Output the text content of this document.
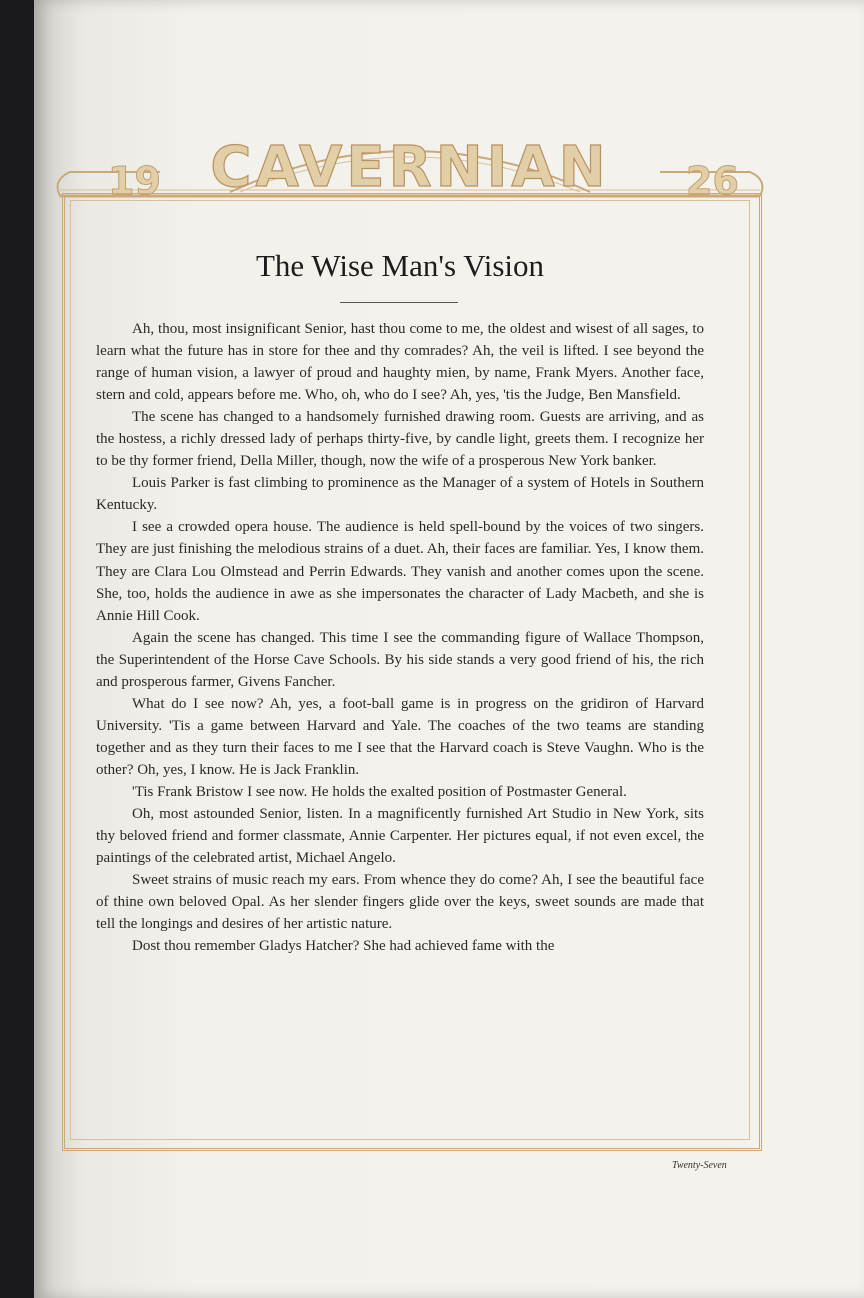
19 CAVERNIAN 26
The Wise Man's Vision

Ah, thou, most insignificant Senior, hast thou come to me, the oldest and wisest of all sages, to learn what the future has in store for thee and thy comrades? Ah, the veil is lifted. I see beyond the range of human vision, a lawyer of proud and haughty mien, by name, Frank Myers. Another face, stern and cold, appears before me. Who, oh, who do I see? Ah, yes, 'tis the Judge, Ben Mansfield.

The scene has changed to a handsomely furnished drawing room. Guests are arriving, and as the hostess, a richly dressed lady of perhaps thirty-five, by candle light, greets them. I recognize her to be thy former friend, Della Miller, though, now the wife of a prosperous New York banker.

Louis Parker is fast climbing to prominence as the Manager of a system of Hotels in Southern Kentucky.

I see a crowded opera house. The audience is held spell-bound by the voices of two singers. They are just finishing the melodious strains of a duet. Ah, their faces are familiar. Yes, I know them. They are Clara Lou Olmstead and Perrin Edwards. They vanish and another comes upon the scene. She, too, holds the audience in awe as she impersonates the character of Lady Macbeth, and she is Annie Hill Cook.

Again the scene has changed. This time I see the commanding figure of Wallace Thompson, the Superintendent of the Horse Cave Schools. By his side stands a very good friend of his, the rich and prosperous farmer, Givens Fancher.

What do I see now? Ah, yes, a foot-ball game is in progress on the gridiron of Harvard University. 'Tis a game between Harvard and Yale. The coaches of the two teams are standing together and as they turn their faces to me I see that the Harvard coach is Steve Vaughn. Who is the other? Oh, yes, I know. He is Jack Franklin.

'Tis Frank Bristow I see now. He holds the exalted position of Postmaster General.

Oh, most astounded Senior, listen. In a magnificently furnished Art Studio in New York, sits thy beloved friend and former classmate, Annie Carpenter. Her pictures equal, if not even excel, the paintings of the celebrated artist, Michael Angelo.

Sweet strains of music reach my ears. From whence they do come? Ah, I see the beautiful face of thine own beloved Opal. As her slender fingers glide over the keys, sweet sounds are made that tell the longings and desires of her artistic nature.

Dost thou remember Gladys Hatcher? She had achieved fame with the

Twenty-Seven
